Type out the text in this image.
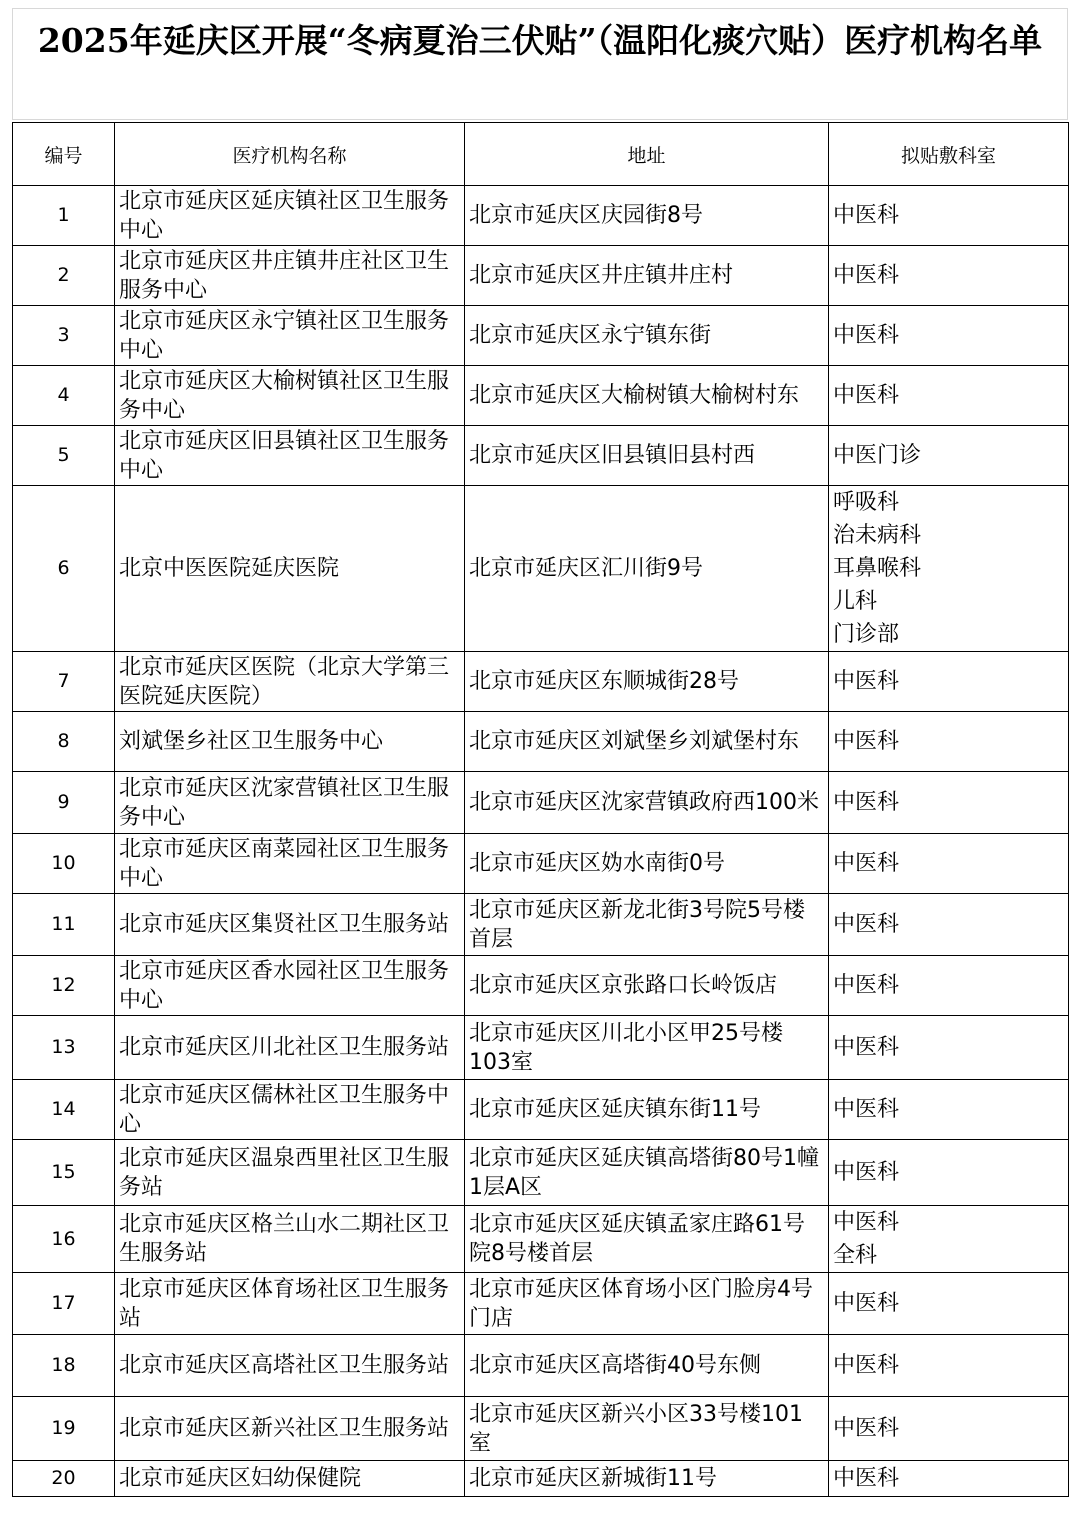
2025年延庆区开展“冬病夏治三伏贴”（温阳化痰穴贴）医疗机构名单
编号	医疗机构名称	地址	拟贴敷科室
1	北京市延庆区延庆镇社区卫生服务中心	北京市延庆区庆园街8号	中医科

2	北京市延庆区井庄镇井庄社区卫生服务中心	北京市延庆区井庄镇井庄村	中医科

3	北京市延庆区永宁镇社区卫生服务中心	北京市延庆区永宁镇东街	中医科

4	北京市延庆区大榆树镇社区卫生服务中心	北京市延庆区大榆树镇大榆树村东	中医科

5	北京市延庆区旧县镇社区卫生服务中心	北京市延庆区旧县镇旧县村西	中医门诊

6	北京中医医院延庆医院	北京市延庆区汇川街9号	呼吸科
治未病科
耳鼻喉科
儿科
门诊部

7	北京市延庆区医院（北京大学第三医院延庆医院）	北京市延庆区东顺城街28号	中医科

8	刘斌堡乡社区卫生服务中心	北京市延庆区刘斌堡乡刘斌堡村东	中医科

9	北京市延庆区沈家营镇社区卫生服务中心	北京市延庆区沈家营镇政府西100米	中医科

10	北京市延庆区南菜园社区卫生服务中心	北京市延庆区妫水南街0号	中医科

11	北京市延庆区集贤社区卫生服务站	北京市延庆区新龙北街3号院5号楼首层	中医科

12	北京市延庆区香水园社区卫生服务中心	北京市延庆区京张路口长岭饭店	中医科

13	北京市延庆区川北社区卫生服务站	北京市延庆区川北小区甲25号楼103室	中医科

14	北京市延庆区儒林社区卫生服务中心	北京市延庆区延庆镇东街11号	中医科

15	北京市延庆区温泉西里社区卫生服务站	北京市延庆区延庆镇高塔街80号1幢1层A区	中医科

16	北京市延庆区格兰山水二期社区卫生服务站	北京市延庆区延庆镇孟家庄路61号院8号楼首层	中医科
全科

17	北京市延庆区体育场社区卫生服务站	北京市延庆区体育场小区门脸房4号门店	中医科

18	北京市延庆区高塔社区卫生服务站	北京市延庆区高塔街40号东侧	中医科

19	北京市延庆区新兴社区卫生服务站	北京市延庆区新兴小区33号楼101室	中医科

20	北京市延庆区妇幼保健院	北京市延庆区新城街11号	中医科
